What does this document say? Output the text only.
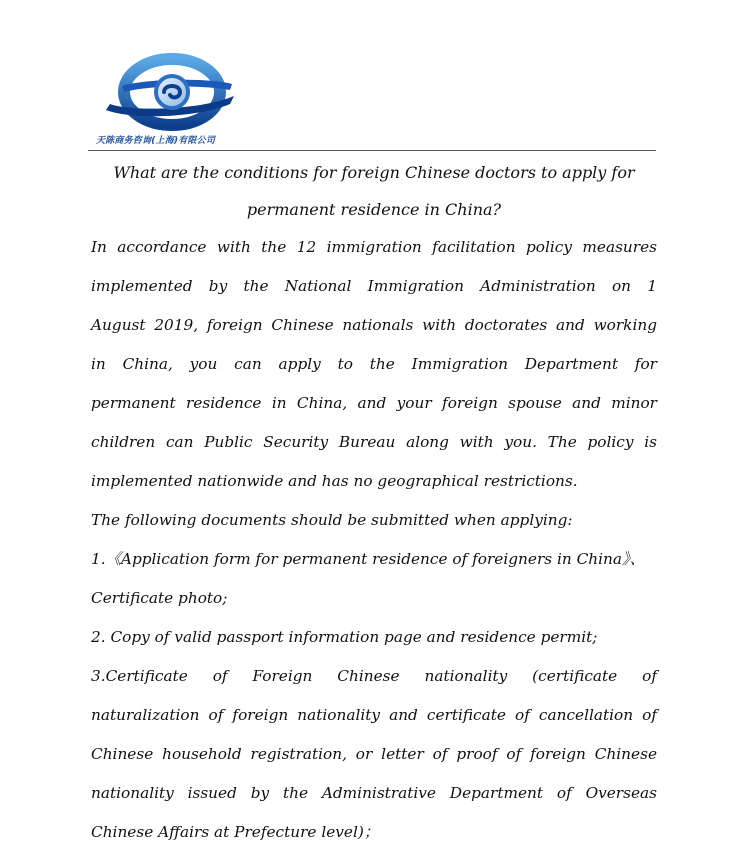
天陈商务咨询(上海)有限公司
What are the conditions for foreign Chinese doctors to apply for
permanent residence in China?

In accordance with the 12 immigration facilitation policy measures
implemented by the National Immigration Administration on 1
August 2019, foreign Chinese nationals with doctorates and working
in China, you can apply to the Immigration Department for
permanent residence in China, and your foreign spouse and minor
children can Public Security Bureau along with you. The policy is
implemented nationwide and has no geographical restrictions.

The following documents should be submitted when applying:

1.《Application form for permanent residence of foreigners in China》、
Certificate photo;

2. Copy of valid passport information page and residence permit;

3.Certificate of Foreign Chinese nationality (certificate of
naturalization of foreign nationality and certificate of cancellation of
Chinese household registration, or letter of proof of foreign Chinese
nationality issued by the Administrative Department of Overseas
Chinese Affairs at Prefecture level)；
